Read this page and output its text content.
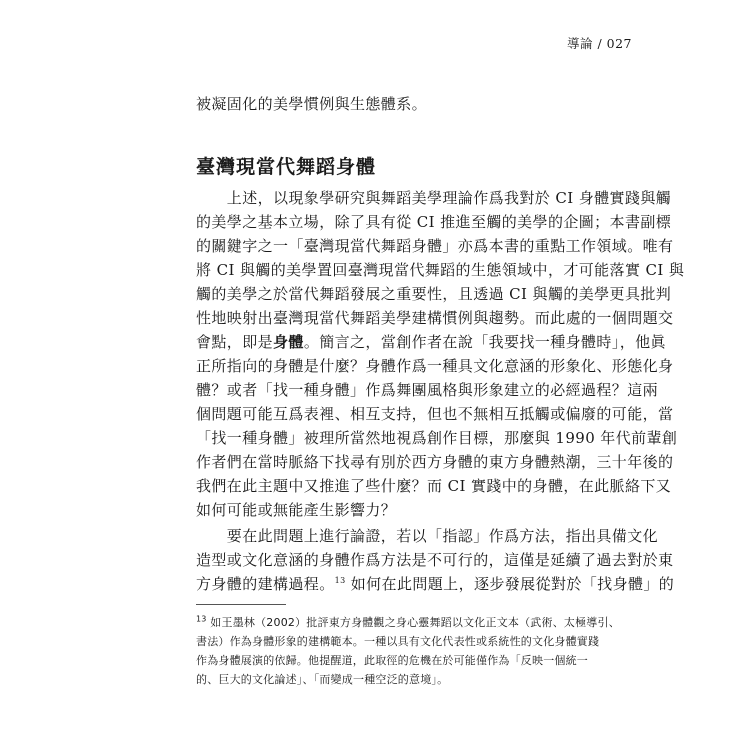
導論 / 027
被凝固化的美學慣例與生態體系。
臺灣現當代舞蹈身體
　　上述，以現象學研究與舞蹈美學理論作爲我對於 CI 身體實踐與觸
的美學之基本立場，除了具有從 CI 推進至觸的美學的企圖；本書副標
的關鍵字之一「臺灣現當代舞蹈身體」亦爲本書的重點工作領域。唯有
將 CI 與觸的美學置回臺灣現當代舞蹈的生態領域中，才可能落實 CI 與
觸的美學之於當代舞蹈發展之重要性，且透過 CI 與觸的美學更具批判
性地映射出臺灣現當代舞蹈美學建構慣例與趨勢。而此處的一個問題交
會點，即是身體。簡言之，當創作者在說「我要找一種身體時」，他眞
正所指向的身體是什麼？身體作爲一種具文化意涵的形象化、形態化身
體？或者「找一種身體」作爲舞團風格與形象建立的必經過程？這兩
個問題可能互爲表裡、相互支持，但也不無相互抵觸或偏廢的可能，當
「找一種身體」被理所當然地視爲創作目標，那麼與 1990 年代前輩創
作者們在當時脈絡下找尋有別於西方身體的東方身體熱潮，三十年後的
我們在此主題中又推進了些什麼？而 CI 實踐中的身體，在此脈絡下又
如何可能或無能產生影響力？
　　要在此問題上進行論證，若以「指認」作爲方法，指出具備文化
造型或文化意涵的身體作爲方法是不可行的，這僅是延續了過去對於東
方身體的建構過程。$^{13}$ 如何在此問題上，逐步發展從對於「找身體」的
$^{13}$ 如王墨林（2002）批評東方身體觀之身心靈舞蹈以文化正文本（武術、太極導引、
書法）作為身體形象的建構範本。一種以具有文化代表性或系統性的文化身體實踐
作為身體展演的依歸。他提醒道，此取徑的危機在於可能僅作為「反映一個統一
的、巨大的文化論述」、「而變成一種空泛的意境」。
